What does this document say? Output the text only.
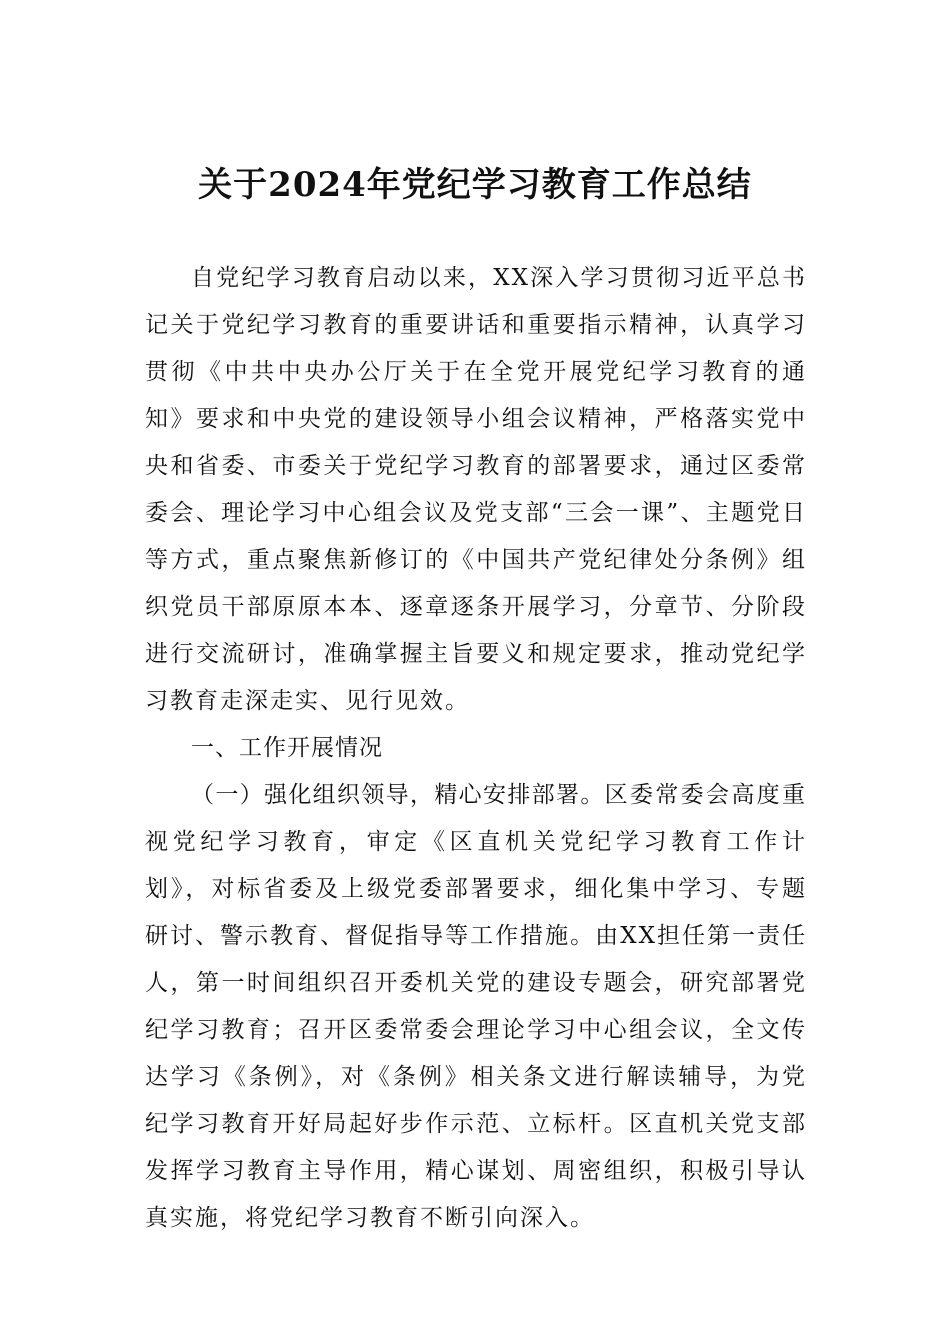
关于2024年党纪学习教育工作总结

自党纪学习教育启动以来，XX深入学习贯彻习近平总书记关于党纪学习教育的重要讲话和重要指示精神，认真学习贯彻《中共中央办公厅关于在全党开展党纪学习教育的通知》要求和中央党的建设领导小组会议精神，严格落实党中央和省委、市委关于党纪学习教育的部署要求，通过区委常委会、理论学习中心组会议及党支部“三会一课”、主题党日等方式，重点聚焦新修订的《中国共产党纪律处分条例》组织党员干部原原本本、逐章逐条开展学习，分章节、分阶段进行交流研讨，准确掌握主旨要义和规定要求，推动党纪学习教育走深走实、见行见效。

一、工作开展情况

（一）强化组织领导，精心安排部署。区委常委会高度重视党纪学习教育，审定《区直机关党纪学习教育工作计划》，对标省委及上级党委部署要求，细化集中学习、专题研讨、警示教育、督促指导等工作措施。由XX担任第一责任人，第一时间组织召开委机关党的建设专题会，研究部署党纪学习教育；召开区委常委会理论学习中心组会议，全文传达学习《条例》，对《条例》相关条文进行解读辅导，为党纪学习教育开好局起好步作示范、立标杆。区直机关党支部发挥学习教育主导作用，精心谋划、周密组织，积极引导认真实施，将党纪学习教育不断引向深入。
